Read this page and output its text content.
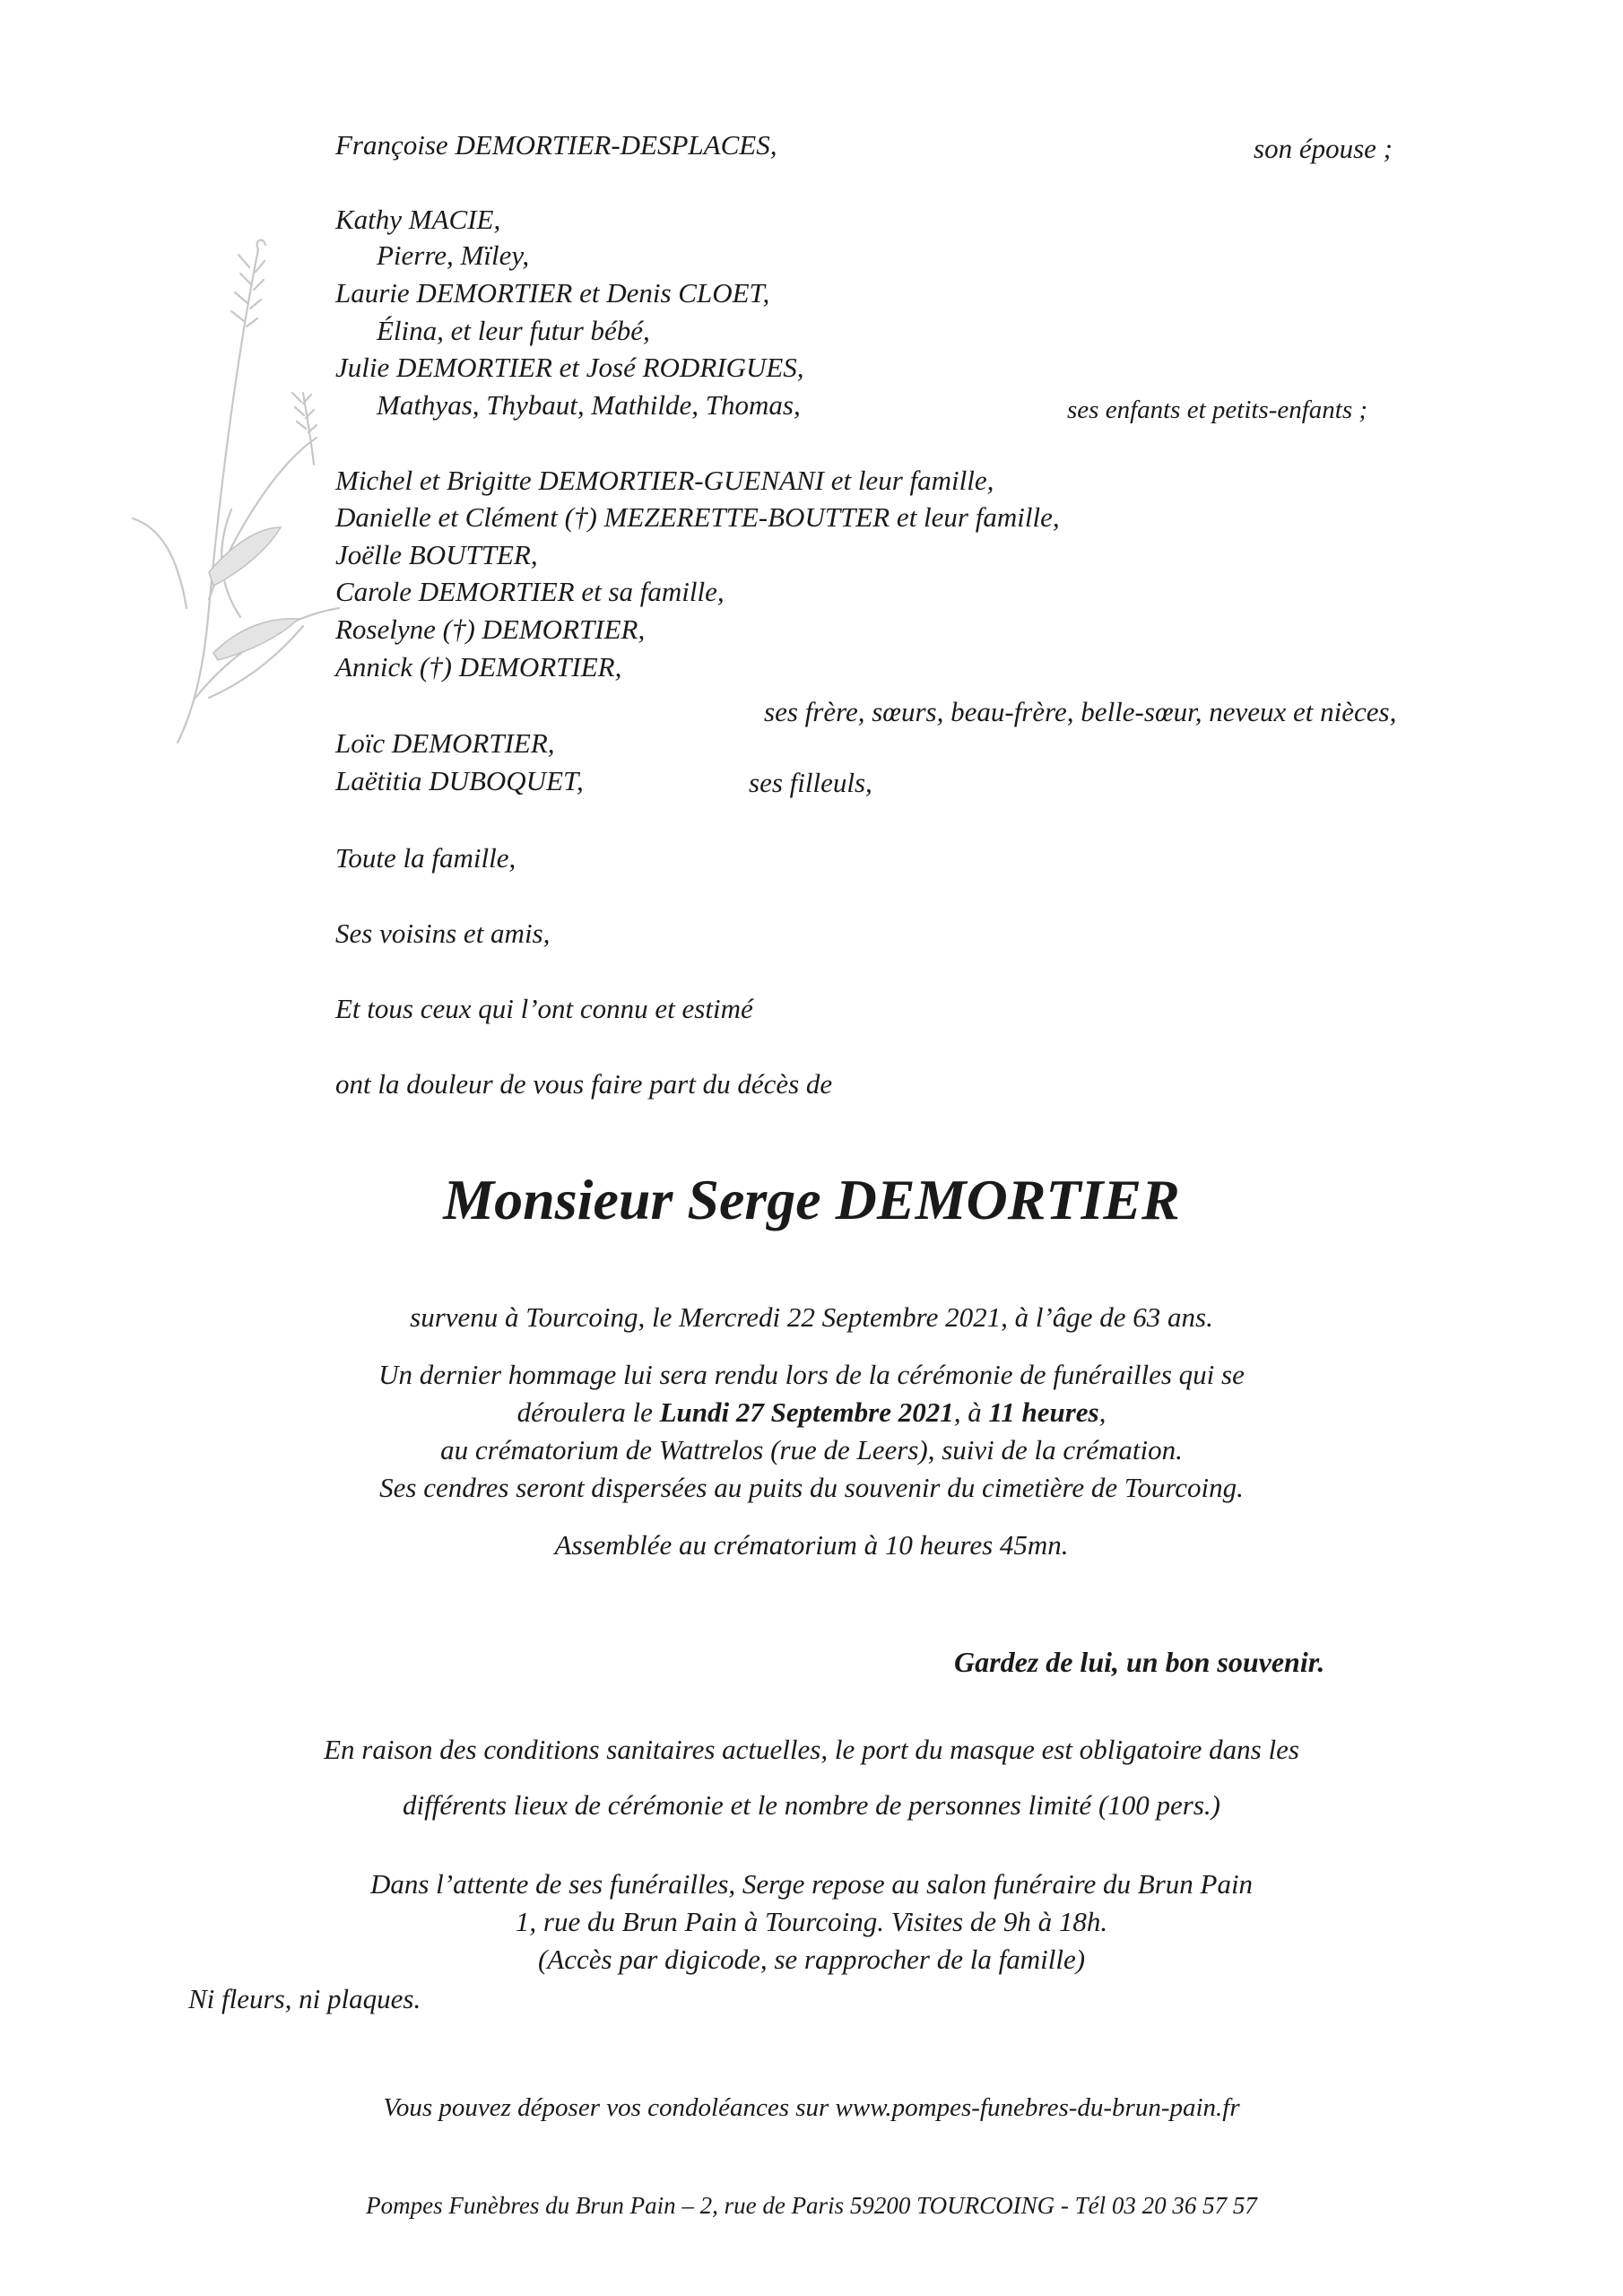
Françoise DEMORTIER-DESPLACES,	son épouse ;
Kathy MACIE,
Pierre, Mïley,
Laurie DEMORTIER et Denis CLOET,
Élina, et leur futur bébé,
Julie DEMORTIER et José RODRIGUES,
Mathyas, Thybaut, Mathilde, Thomas,	ses enfants et petits-enfants ;
Michel et Brigitte DEMORTIER-GUENANI et leur famille,
Danielle et Clément (†) MEZERETTE-BOUTTER et leur famille,
Joëlle BOUTTER,
Carole DEMORTIER et sa famille,
Roselyne (†) DEMORTIER,
Annick (†) DEMORTIER,
ses frère, sœurs, beau-frère, belle-sœur, neveux et nièces,
Loïc DEMORTIER,
Laëtitia DUBOQUET,	ses filleuls,
Toute la famille,
Ses voisins et amis,
Et tous ceux qui l’ont connu et estimé
ont la douleur de vous faire part du décès de
Monsieur Serge DEMORTIER
survenu à Tourcoing, le Mercredi 22 Septembre 2021, à l’âge de 63 ans.
Un dernier hommage lui sera rendu lors de la cérémonie de funérailles qui se
déroulera le Lundi 27 Septembre 2021, à 11 heures,
au crématorium de Wattrelos (rue de Leers), suivi de la crémation.
Ses cendres seront dispersées au puits du souvenir du cimetière de Tourcoing.
Assemblée au crématorium à 10 heures 45mn.
Gardez de lui, un bon souvenir.
En raison des conditions sanitaires actuelles, le port du masque est obligatoire dans les
différents lieux de cérémonie et le nombre de personnes limité (100 pers.)
Dans l’attente de ses funérailles, Serge repose au salon funéraire du Brun Pain
1, rue du Brun Pain à Tourcoing. Visites de 9h à 18h.
(Accès par digicode, se rapprocher de la famille)
Ni fleurs, ni plaques.
Vous pouvez déposer vos condoléances sur www.pompes-funebres-du-brun-pain.fr
Pompes Funèbres du Brun Pain – 2, rue de Paris 59200 TOURCOING - Tél 03 20 36 57 57
